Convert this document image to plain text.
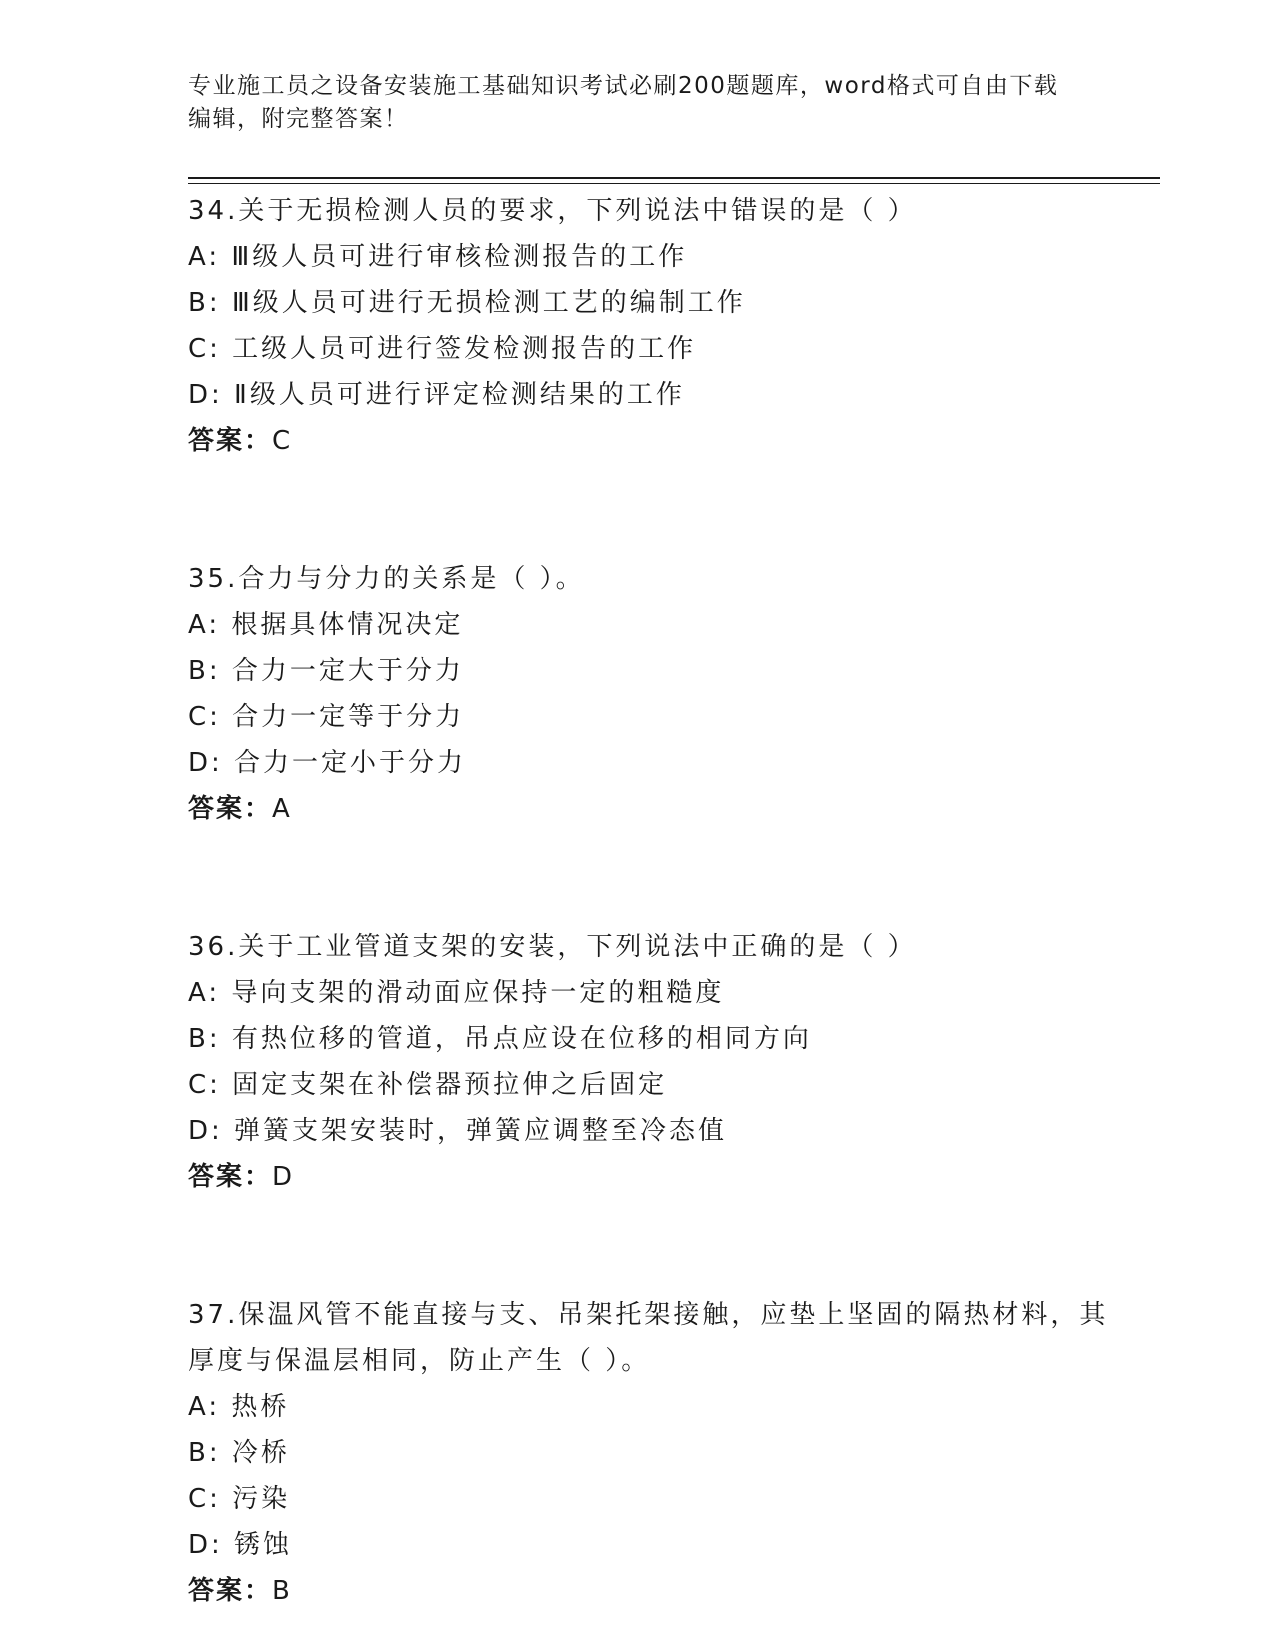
专业施工员之设备安装施工基础知识考试必刷200题题库，word格式可自由下载编辑，附完整答案！

34.关于无损检测人员的要求，下列说法中错误的是（ ）

A: Ⅲ级人员可进行审核检测报告的工作

B: Ⅲ级人员可进行无损检测工艺的编制工作

C: 工级人员可进行签发检测报告的工作

D: Ⅱ级人员可进行评定检测结果的工作

答案：C

35.合力与分力的关系是（ ）。

A: 根据具体情况决定

B: 合力一定大于分力

C: 合力一定等于分力

D: 合力一定小于分力

答案：A

36.关于工业管道支架的安装，下列说法中正确的是（ ）

A: 导向支架的滑动面应保持一定的粗糙度

B: 有热位移的管道，吊点应设在位移的相同方向

C: 固定支架在补偿器预拉伸之后固定

D: 弹簧支架安装时，弹簧应调整至冷态值

答案：D

37.保温风管不能直接与支、吊架托架接触，应垫上坚固的隔热材料，其厚度与保温层相同，防止产生（ ）。

A: 热桥

B: 冷桥

C: 污染

D: 锈蚀

答案：B
